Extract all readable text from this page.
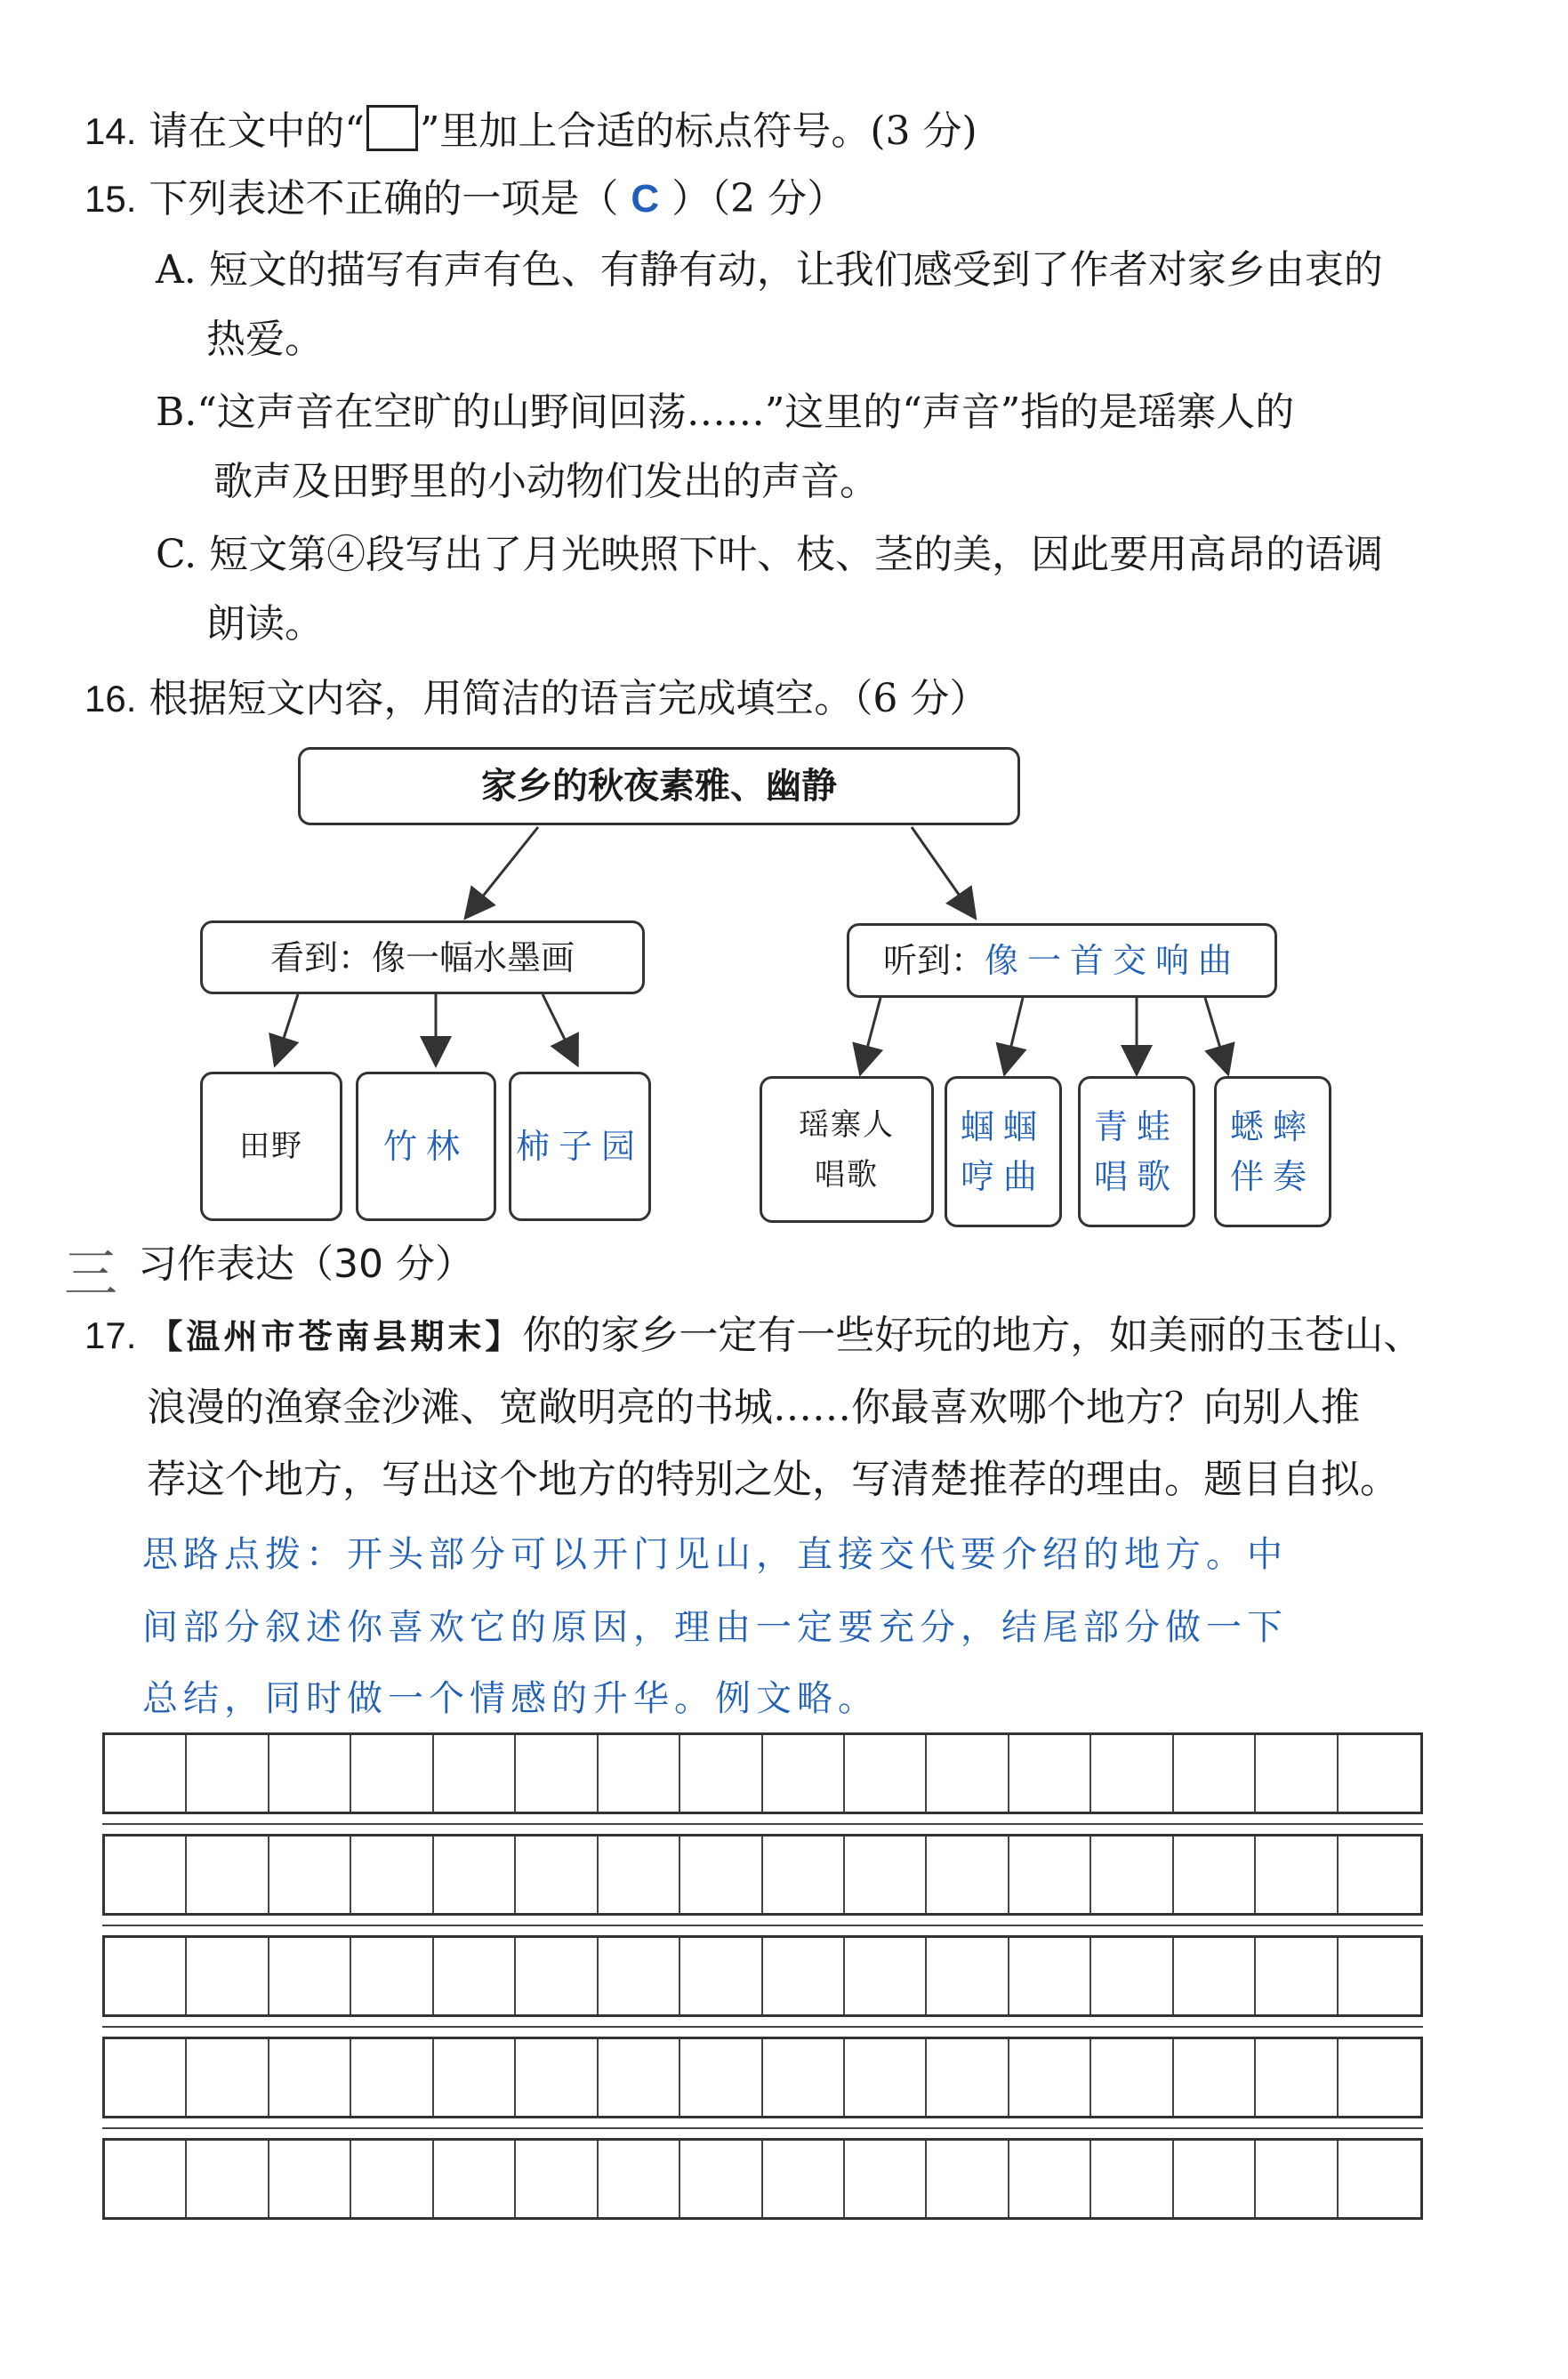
14. 请在文中的“ ”里加上合适的标点符号。(3 分)
15. 下列表述不正确的一项是（ C ）（2 分）
A. 短文的描写有声有色、有静有动，让我们感受到了作者对家乡由衷的
热爱。
B.“这声音在空旷的山野间回荡……”这里的“声音”指的是瑶寨人的
歌声及田野里的小动物们发出的声音。
C. 短文第④段写出了月光映照下叶、枝、茎的美，因此要用高昂的语调
朗读。
16. 根据短文内容，用简洁的语言完成填空。（6 分）
家乡的秋夜素雅、幽静
看到：像一幅水墨画	听到： 像一首交响曲
田野 竹林 柿子园
瑶寨人
唱歌
蝈蝈
哼曲
青蛙
唱歌
蟋蟀
伴奏
三 习作表达（30 分）
17. 【温州市苍南县期末】你的家乡一定有一些好玩的地方，如美丽的玉苍山、
浪漫的渔寮金沙滩、宽敞明亮的书城……你最喜欢哪个地方？向别人推
荐这个地方，写出这个地方的特别之处，写清楚推荐的理由。题目自拟。
思路点拨：开头部分可以开门见山，直接交代要介绍的地方。中
间部分叙述你喜欢它的原因，理由一定要充分，结尾部分做一下
总结，同时做一个情感的升华。例文略。
